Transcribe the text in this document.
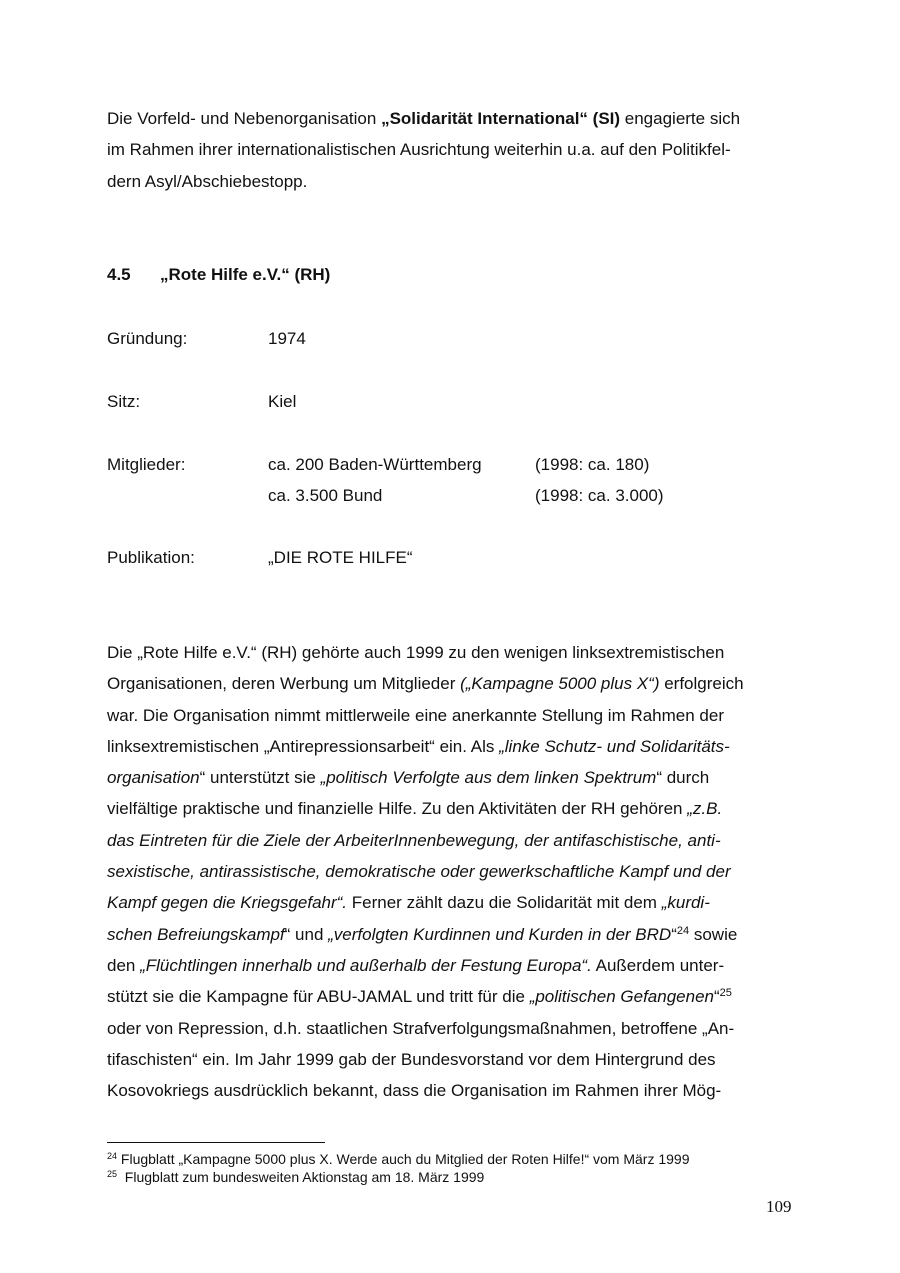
Die Vorfeld- und Nebenorganisation „Solidarität International“ (SI) engagierte sich
im Rahmen ihrer internationalistischen Ausrichtung weiterhin u.a. auf den Politikfel-
dern Asyl/Abschiebestopp.

4.5 „Rote Hilfe e.V.“ (RH)
Gründung:	1974
Sitz:	Kiel
Mitglieder:	ca. 200 Baden-Württemberg	(1998: ca. 180)
ca. 3.500 Bund	(1998: ca. 3.000)
Publikation:	„DIE ROTE HILFE“

Die „Rote Hilfe e.V.“ (RH) gehörte auch 1999 zu den wenigen linksextremistischen
Organisationen, deren Werbung um Mitglieder („Kampagne 5000 plus X“) erfolgreich
war. Die Organisation nimmt mittlerweile eine anerkannte Stellung im Rahmen der
linksextremistischen „Antirepressionsarbeit“ ein. Als „linke Schutz- und Solidaritäts-
organisation“ unterstützt sie „politisch Verfolgte aus dem linken Spektrum“ durch
vielfältige praktische und finanzielle Hilfe. Zu den Aktivitäten der RH gehören „z.B.
das Eintreten für die Ziele der ArbeiterInnenbewegung, der antifaschistische, anti-
sexistische, antirassistische, demokratische oder gewerkschaftliche Kampf und der
Kampf gegen die Kriegsgefahr“. Ferner zählt dazu die Solidarität mit dem „kurdi-
schen Befreiungskampf“ und „verfolgten Kurdinnen und Kurden in der BRD“$^{24}$ sowie
den „Flüchtlingen innerhalb und außerhalb der Festung Europa“. Außerdem unter-
stützt sie die Kampagne für ABU-JAMAL und tritt für die „politischen Gefangenen“$^{25}$
oder von Repression, d.h. staatlichen Strafverfolgungsmaßnahmen, betroffene „An-
tifaschisten“ ein. Im Jahr 1999 gab der Bundesvorstand vor dem Hintergrund des
Kosovokriegs ausdrücklich bekannt, dass die Organisation im Rahmen ihrer Mög-

$^{24}$ Flugblatt „Kampagne 5000 plus X. Werde auch du Mitglied der Roten Hilfe!“ vom März 1999
$^{25}$  Flugblatt zum bundesweiten Aktionstag am 18. März 1999
109
